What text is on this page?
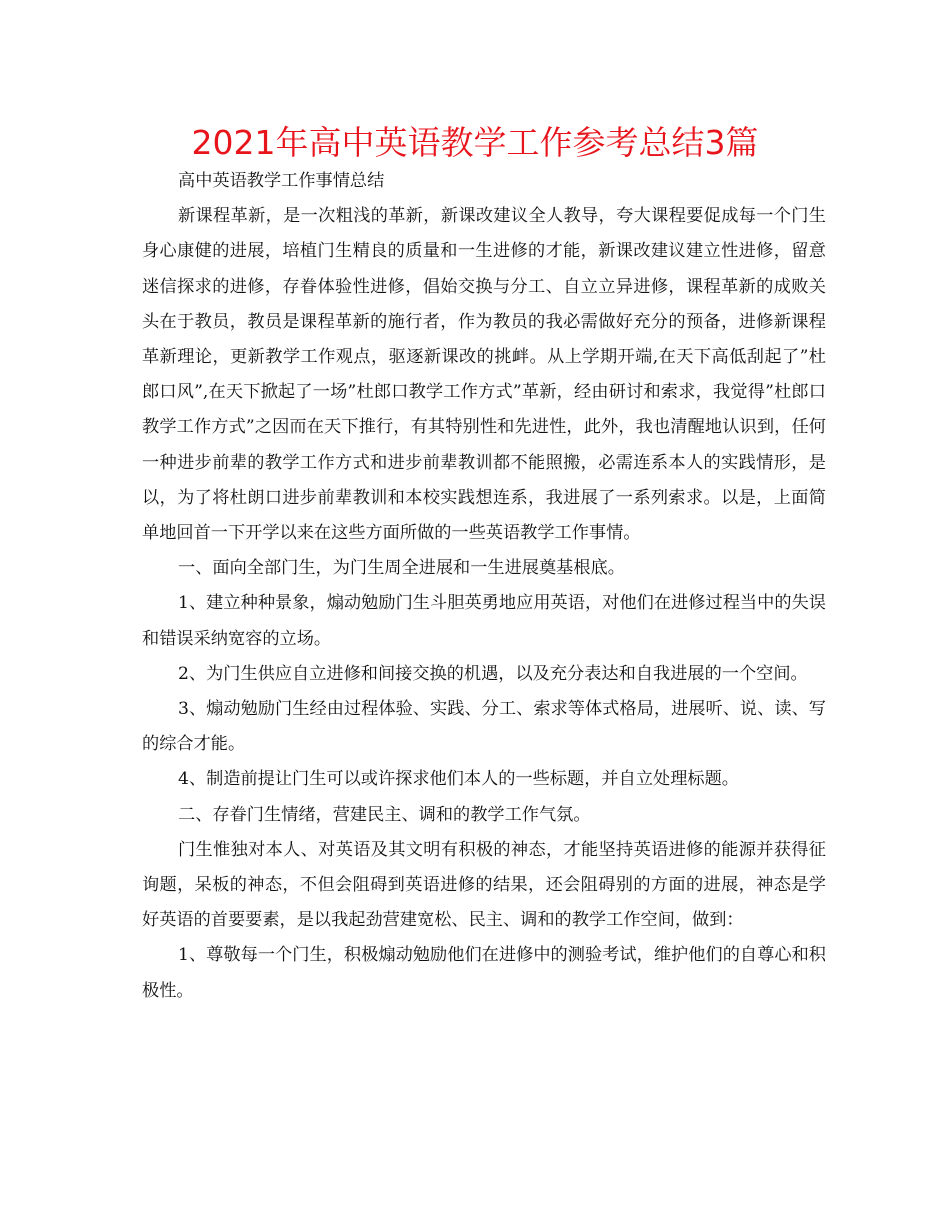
2021年高中英语教学工作参考总结3篇

高中英语教学工作事情总结

新课程革新，是一次粗浅的革新，新课改建议全人教导，夸大课程要促成每一个门生身心康健的进展，培植门生精良的质量和一生进修的才能，新课改建议建立性进修，留意迷信探求的进修，存眷体验性进修，倡始交换与分工、自立立异进修，课程革新的成败关头在于教员，教员是课程革新的施行者，作为教员的我必需做好充分的预备，进修新课程革新理论，更新教学工作观点，驱逐新课改的挑衅。从上学期开端,在天下高低刮起了”杜郎口风”,在天下掀起了一场”杜郎口教学工作方式”革新，经由研讨和索求，我觉得”杜郎口教学工作方式”之因而在天下推行，有其特别性和先进性，此外，我也清醒地认识到，任何一种进步前辈的教学工作方式和进步前辈教训都不能照搬，必需连系本人的实践情形，是以，为了将杜朗口进步前辈教训和本校实践想连系，我进展了一系列索求。以是，上面简单地回首一下开学以来在这些方面所做的一些英语教学工作事情。

一、面向全部门生，为门生周全进展和一生进展奠基根底。

1、建立种种景象，煽动勉励门生斗胆英勇地应用英语，对他们在进修过程当中的失误和错误采纳宽容的立场。

2、为门生供应自立进修和间接交换的机遇，以及充分表达和自我进展的一个空间。

3、煽动勉励门生经由过程体验、实践、分工、索求等体式格局，进展听、说、读、写的综合才能。

4、制造前提让门生可以或许探求他们本人的一些标题，并自立处理标题。

二、存眷门生情绪，营建民主、调和的教学工作气氛。

门生惟独对本人、对英语及其文明有积极的神态，才能坚持英语进修的能源并获得征询题，呆板的神态，不但会阻碍到英语进修的结果，还会阻碍别的方面的进展，神态是学好英语的首要要素，是以我起劲营建宽松、民主、调和的教学工作空间，做到：

1、尊敬每一个门生，积极煽动勉励他们在进修中的测验考试，维护他们的自尊心和积极性。
